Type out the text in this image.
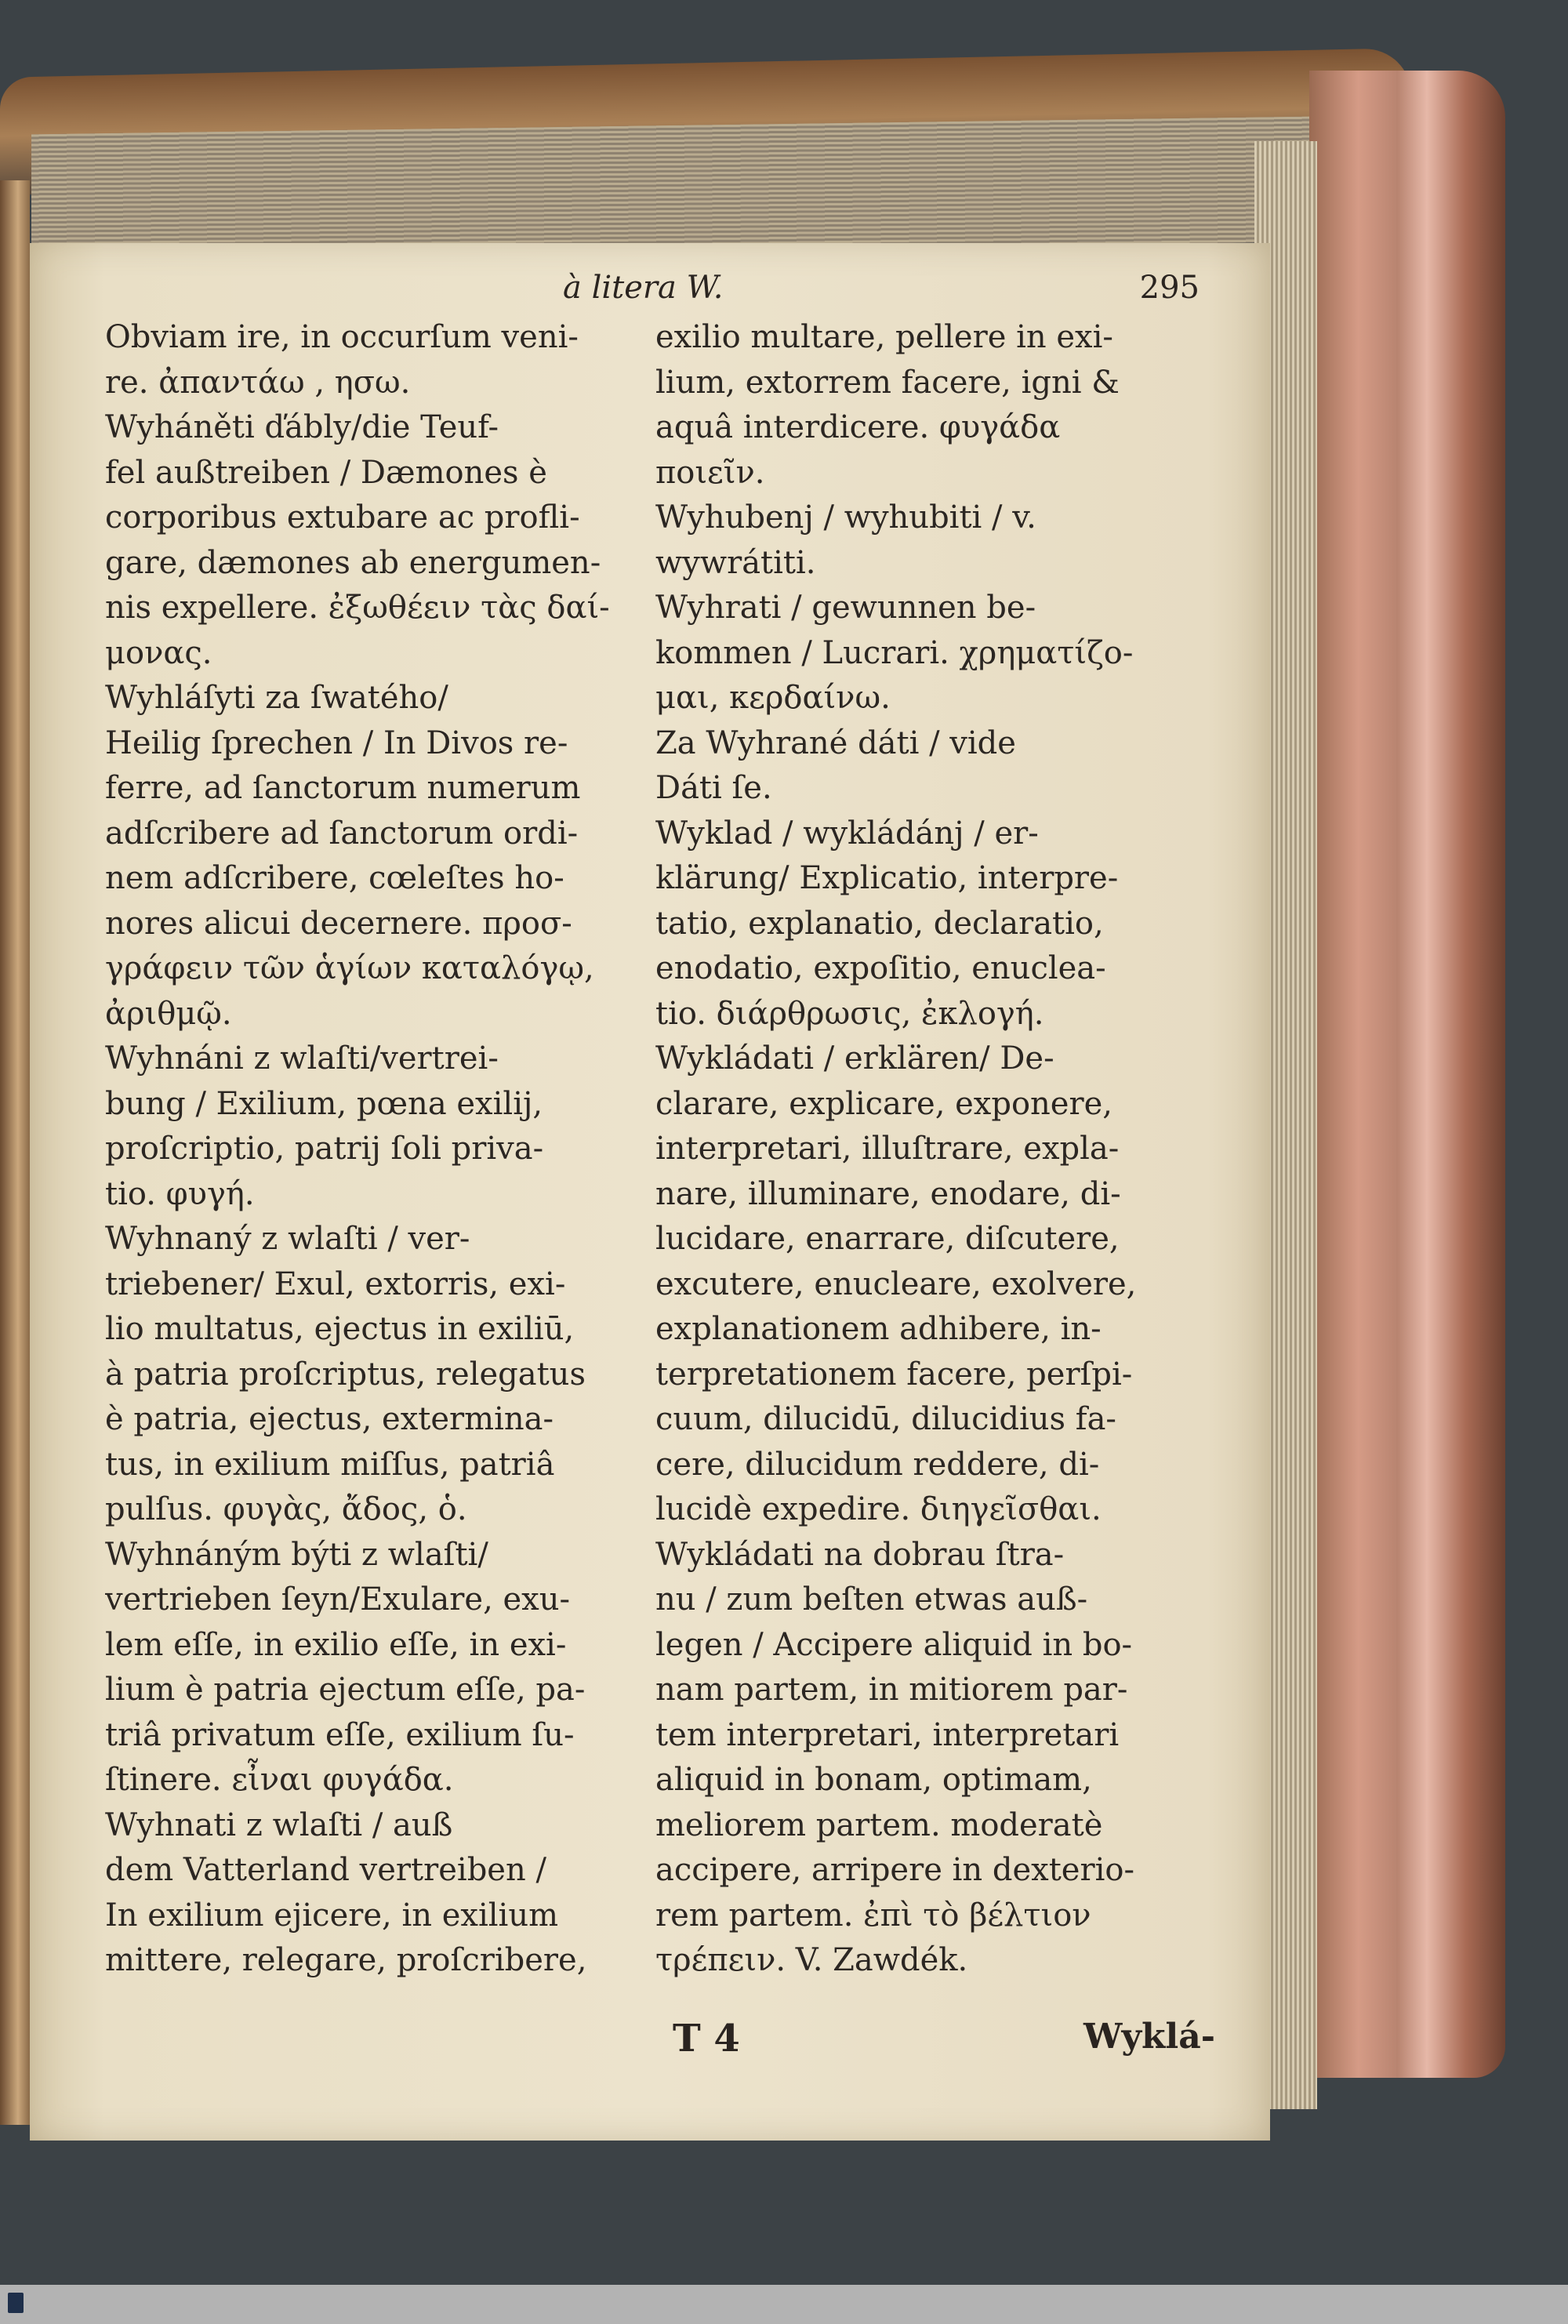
à litera W.	295
Obviam ire, in occurſum veni-
re. ἀπαντάω , ησω.
Wyháněti ďábly/die Teuf-
fel außtreiben / Dæmones è
corporibus extubare ac profli-
gare, dæmones ab energumen-
nis expellere. ἐξωθέειν τὰς δαί-
μονας.
Wyhláſyti za ſwatého/
Heilig ſprechen / In Divos re-
ferre, ad ſanctorum numerum
adſcribere ad ſanctorum ordi-
nem adſcribere, cœleſtes ho-
nores alicui decernere. προσ-
γράφειν τῶν ἁγίων καταλόγῳ,
ἀριθμῷ.
Wyhnáni z wlaſti/vertrei-
bung / Exilium, pœna exilij,
proſcriptio, patrij ſoli priva-
tio. φυγή.
Wyhnaný z wlaſti / ver-
triebener/ Exul, extorris, exi-
lio multatus, ejectus in exiliū,
à patria proſcriptus, relegatus
è patria, ejectus, extermina-
tus, in exilium miſſus, patriâ
pulſus. φυγὰς, ἄδος, ὁ.
Wyhnáným býti z wlaſti/
vertrieben ſeyn/Exulare, exu-
lem eſſe, in exilio eſſe, in exi-
lium è patria ejectum eſſe, pa-
triâ privatum eſſe, exilium ſu-
ſtinere. εἶναι φυγάδα.
Wyhnati z wlaſti / auß
dem Vatterland vertreiben /
In exilium ejicere, in exilium
mittere, relegare, proſcribere,
exilio multare, pellere in exi-
lium, extorrem facere, igni &
aquâ interdicere. φυγάδα
ποιεῖν.
Wyhubenj / wyhubiti / v.
wywrátiti.
Wyhrati / gewunnen be-
kommen / Lucrari. χρηματίζο-
μαι, κερδαίνω.
Za Wyhrané dáti / vide
Dáti ſe.
Wyklad / wykládánj / er-
klärung/ Explicatio, interpre-
tatio, explanatio, declaratio,
enodatio, expoſitio, enuclea-
tio. διάρθρωσις, ἐκλογή.
Wykládati / erklären/ De-
clarare, explicare, exponere,
interpretari, illuſtrare, expla-
nare, illuminare, enodare, di-
lucidare, enarrare, diſcutere,
excutere, enucleare, exolvere,
explanationem adhibere, in-
terpretationem facere, perſpi-
cuum, dilucidū, dilucidius fa-
cere, dilucidum reddere, di-
lucidè expedire. διηγεῖσθαι.
Wykládati na dobrau ſtra-
nu / zum beſten etwas auß-
legen / Accipere aliquid in bo-
nam partem, in mitiorem par-
tem interpretari, interpretari
aliquid in bonam, optimam,
meliorem partem. moderatè
accipere, arripere in dexterio-
rem partem. ἐπὶ τὸ βέλτιον
τρέπειν. V. Zawdék.
T 4	Wyklá-
